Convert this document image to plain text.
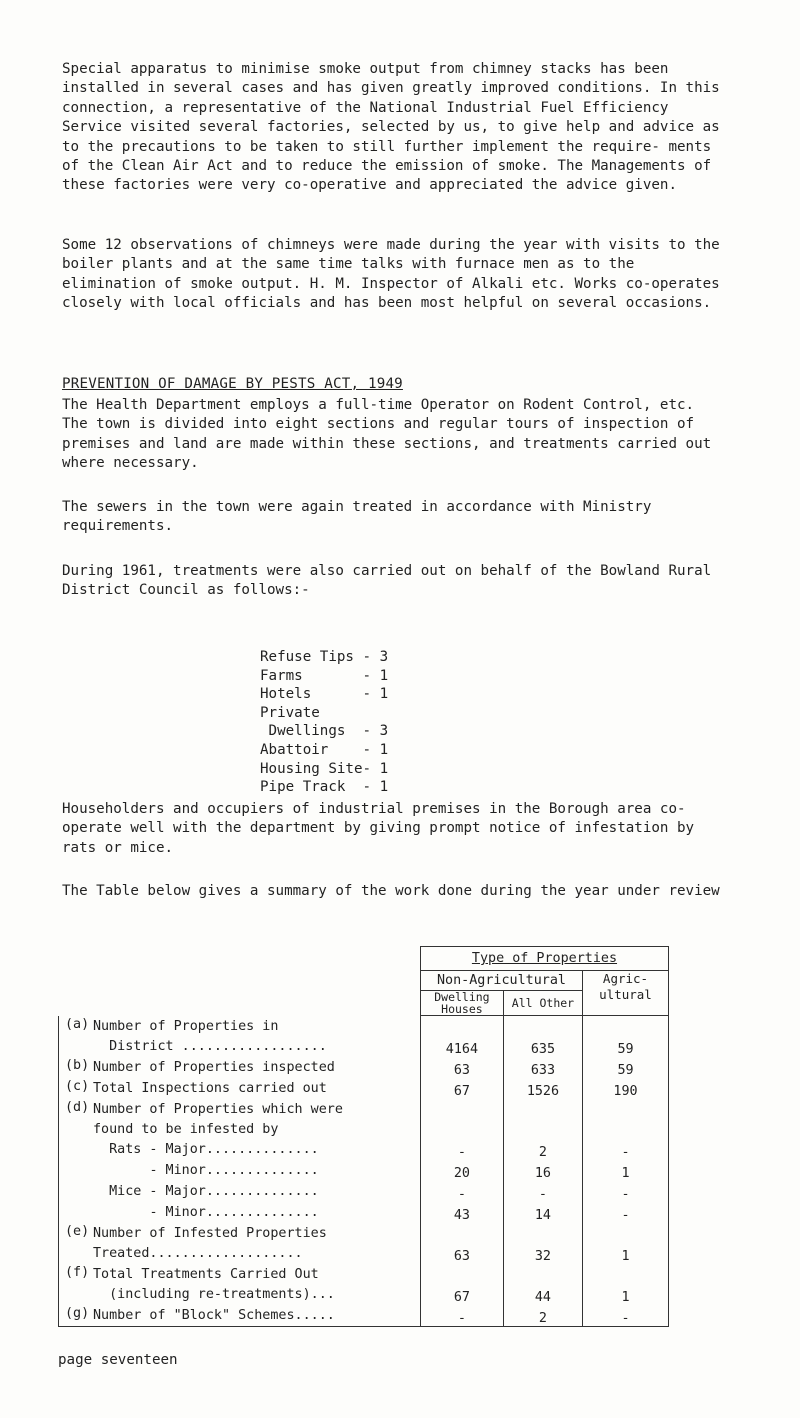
Special apparatus to minimise smoke output from chimney stacks has been installed in several cases and has given greatly improved conditions. In this connection, a representative of the National Industrial Fuel Efficiency Service visited several factories, selected by us, to give help and advice as to the precautions to be taken to still further implement the require- ments of the Clean Air Act and to reduce the emission of smoke. The Managements of these factories were very co-operative and appreciated the advice given.

Some 12 observations of chimneys were made during the year with visits to the boiler plants and at the same time talks with furnace men as to the elimination of smoke output. H. M. Inspector of Alkali etc. Works co-operates closely with local officials and has been most helpful on several occasions.

PREVENTION OF DAMAGE BY PESTS ACT, 1949

The Health Department employs a full-time Operator on Rodent Control, etc. The town is divided into eight sections and regular tours of inspection of premises and land are made within these sections, and treatments carried out where necessary.

The sewers in the town were again treated in accordance with Ministry requirements.

During 1961, treatments were also carried out on behalf of the Bowland Rural District Council as follows:-

Refuse Tips - 3
Farms       - 1
Hotels      - 1
Private
Dwellings  - 3
Abattoir    - 1
Housing Site- 1
Pipe Track  - 1

Householders and occupiers of industrial premises in the Borough area co-operate well with the department by giving prompt notice of infestation by rats or mice.

The Table below gives a summary of the work done during the year under review

	Type of Properties		
	Non-Agricultural		Agric- ultural
	Dwelling Houses	All Other	

(a) Number of Properties in
District ..................	4164	635	59

(b) Number of Properties inspected	63	633	59

(c) Total Inspections carried out	67	1526	190

(d) Number of Properties which were
found to be infested by
Rats - Major..............	-	2	-

- Minor..............	20	16	1

Mice - Major..............	-	-	-

- Minor..............	43	14	-

(e) Number of Infested Properties
Treated...................	63	32	1

(f) Total Treatments Carried Out
(including re-treatments)...	67	44	1

(g) Number of "Block" Schemes.....	-	2	-
page seventeen
